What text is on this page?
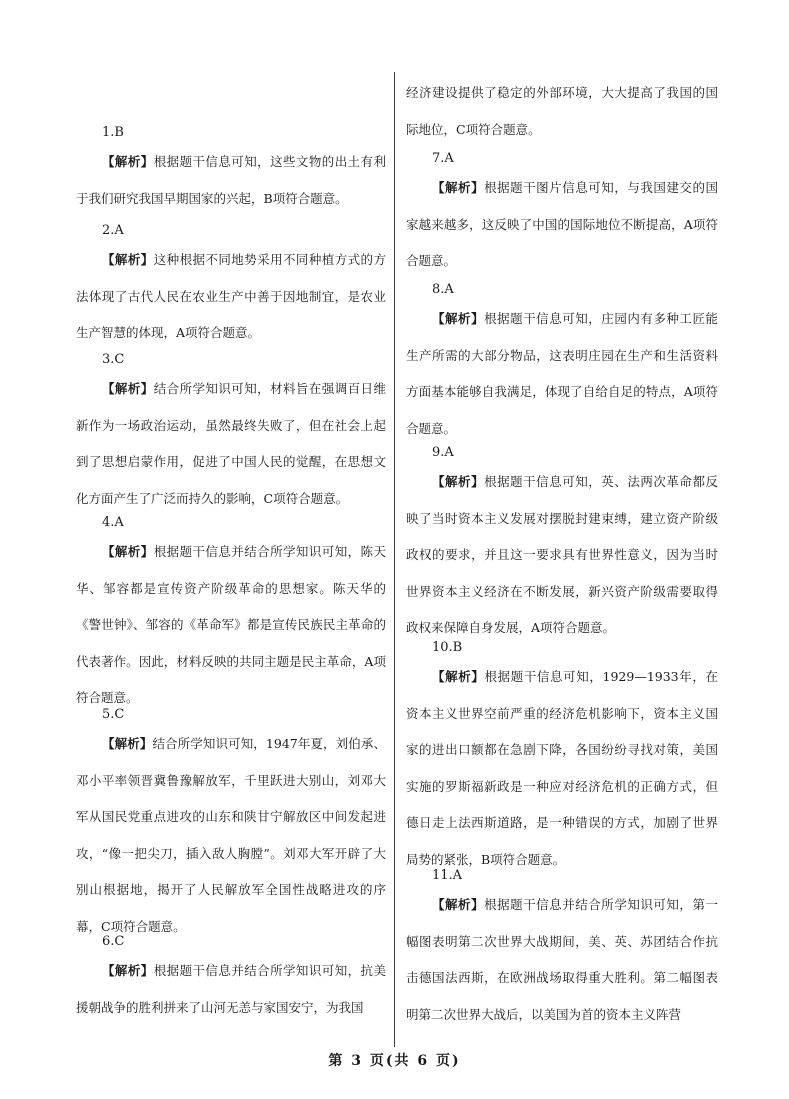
1.B
【解析】根据题干信息可知，这些文物的出土有利于我们研究我国早期国家的兴起，B项符合题意。
2.A
【解析】这种根据不同地势采用不同种植方式的方法体现了古代人民在农业生产中善于因地制宜，是农业生产智慧的体现，A项符合题意。
3.C
【解析】结合所学知识可知，材料旨在强调百日维新作为一场政治运动，虽然最终失败了，但在社会上起到了思想启蒙作用，促进了中国人民的觉醒，在思想文化方面产生了广泛而持久的影响，C项符合题意。
4.A
【解析】根据题干信息并结合所学知识可知，陈天华、邹容都是宣传资产阶级革命的思想家。陈天华的《警世钟》、邹容的《革命军》都是宣传民族民主革命的代表著作。因此，材料反映的共同主题是民主革命，A项符合题意。
5.C
【解析】结合所学知识可知，1947年夏，刘伯承、邓小平率领晋冀鲁豫解放军，千里跃进大别山，刘邓大军从国民党重点进攻的山东和陕甘宁解放区中间发起进攻，“像一把尖刀，插入敌人胸膛”。刘邓大军开辟了大别山根据地，揭开了人民解放军全国性战略进攻的序幕，C项符合题意。
6.C
【解析】根据题干信息并结合所学知识可知，抗美援朝战争的胜利拼来了山河无恙与家国安宁，为我国
经济建设提供了稳定的外部环境，大大提高了我国的国际地位，C项符合题意。
7.A
【解析】根据题干图片信息可知，与我国建交的国家越来越多，这反映了中国的国际地位不断提高，A项符合题意。
8.A
【解析】根据题干信息可知，庄园内有多种工匠能生产所需的大部分物品，这表明庄园在生产和生活资料方面基本能够自我满足，体现了自给自足的特点，A项符合题意。
9.A
【解析】根据题干信息可知，英、法两次革命都反映了当时资本主义发展对摆脱封建束缚，建立资产阶级政权的要求，并且这一要求具有世界性意义，因为当时世界资本主义经济在不断发展，新兴资产阶级需要取得政权来保障自身发展，A项符合题意。
10.B
【解析】根据题干信息可知，1929—1933年，在资本主义世界空前严重的经济危机影响下，资本主义国家的进出口额都在急剧下降，各国纷纷寻找对策，美国实施的罗斯福新政是一种应对经济危机的正确方式，但德日走上法西斯道路，是一种错误的方式，加剧了世界局势的紧张，B项符合题意。
11.A
【解析】根据题干信息并结合所学知识可知，第一幅图表明第二次世界大战期间，美、英、苏团结合作抗击德国法西斯，在欧洲战场取得重大胜利。第二幅图表明第二次世界大战后，以美国为首的资本主义阵营
第 3 页(共 6 页)
